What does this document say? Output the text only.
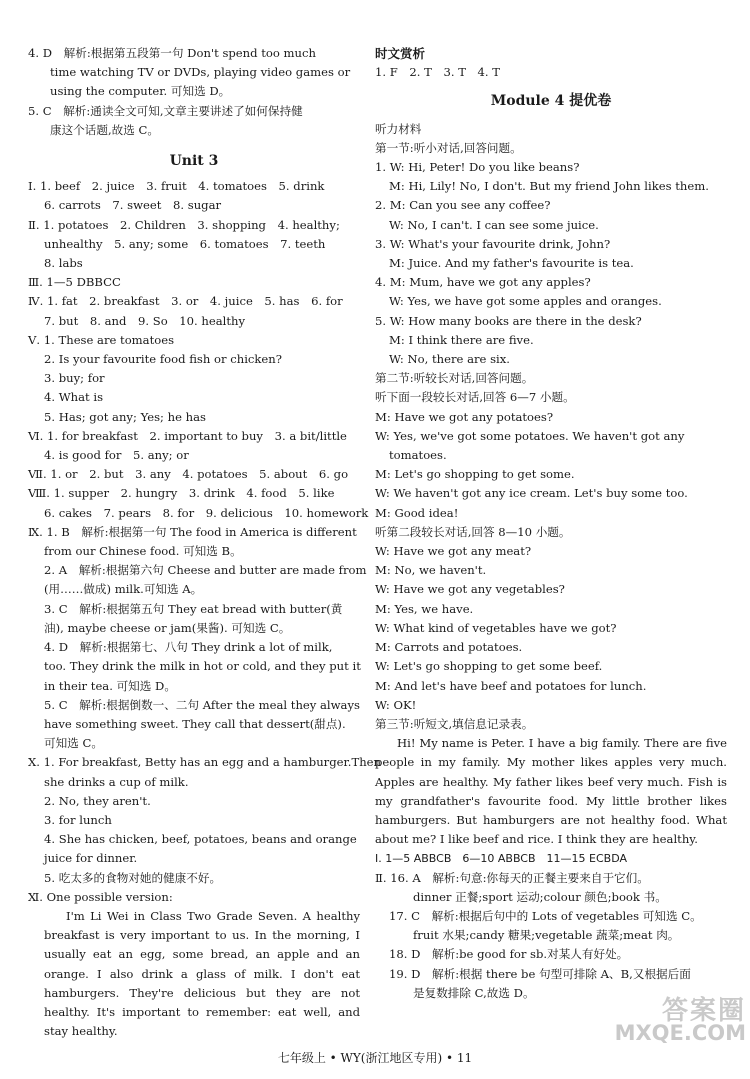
4. D　解析:根据第五段第一句 Don't spend too much
time watching TV or DVDs, playing video games or
using the computer. 可知选 D。
5. C　解析:通读全文可知,文章主要讲述了如何保持健
康这个话题,故选 C。
Unit 3
Ⅰ. 1. beef　2. juice　3. fruit　4. tomatoes　5. drink
6. carrots　7. sweet　8. sugar
Ⅱ. 1. potatoes　2. Children　3. shopping　4. healthy;
unhealthy　5. any; some　6. tomatoes　7. teeth
8. labs
Ⅲ. 1—5 DBBCC
Ⅳ. 1. fat　2. breakfast　3. or　4. juice　5. has　6. for
7. but　8. and　9. So　10. healthy
Ⅴ. 1. These are tomatoes
2. Is your favourite food fish or chicken?
3. buy; for
4. What is
5. Has; got any; Yes; he has
Ⅵ. 1. for breakfast　2. important to buy　3. a bit/little
4. is good for　5. any; or
Ⅶ. 1. or　2. but　3. any　4. potatoes　5. about　6. go
Ⅷ. 1. supper　2. hungry　3. drink　4. food　5. like
6. cakes　7. pears　8. for　9. delicious　10. homework
Ⅸ. 1. B　解析:根据第一句 The food in America is different
from our Chinese food. 可知选 B。
2. A　解析:根据第六句 Cheese and butter are made from
(用……做成) milk.可知选 A。
3. C　解析:根据第五句 They eat bread with butter(黄
油), maybe cheese or jam(果酱). 可知选 C。
4. D　解析:根据第七、八句 They drink a lot of milk,
too. They drink the milk in hot or cold, and they put it
in their tea. 可知选 D。
5. C　解析:根据倒数一、二句 After the meal they always
have something sweet. They call that dessert(甜点).
可知选 C。
Ⅹ. 1. For breakfast, Betty has an egg and a hamburger.Then
she drinks a cup of milk.
2. No, they aren't.
3. for lunch
4. She has chicken, beef, potatoes, beans and orange
juice for dinner.
5. 吃太多的食物对她的健康不好。
Ⅺ. One possible version:
I'm Li Wei in Class Two Grade Seven. A healthy breakfast is very important to us. In the morning, I usually eat an egg, some bread, an apple and an orange. I also drink a glass of milk. I don't eat hamburgers. They're delicious but they are not healthy. It's important to remember: eat well, and stay healthy.
时文赏析
1. F　2. T　3. T　4. T
Module 4 提优卷
听力材料
第一节:听小对话,回答问题。
1. W: Hi, Peter! Do you like beans?
M: Hi, Lily! No, I don't. But my friend John likes them.
2. M: Can you see any coffee?
W: No, I can't. I can see some juice.
3. W: What's your favourite drink, John?
M: Juice. And my father's favourite is tea.
4. M: Mum, have we got any apples?
W: Yes, we have got some apples and oranges.
5. W: How many books are there in the desk?
M: I think there are five.
W: No, there are six.
第二节:听较长对话,回答问题。
听下面一段较长对话,回答 6—7 小题。
M: Have we got any potatoes?
W: Yes, we've got some potatoes. We haven't got any
tomatoes.
M: Let's go shopping to get some.
W: We haven't got any ice cream. Let's buy some too.
M: Good idea!
听第二段较长对话,回答 8—10 小题。
W: Have we got any meat?
M: No, we haven't.
W: Have we got any vegetables?
M: Yes, we have.
W: What kind of vegetables have we got?
M: Carrots and potatoes.
W: Let's go shopping to get some beef.
M: And let's have beef and potatoes for lunch.
W: OK!
第三节:听短文,填信息记录表。
Hi! My name is Peter. I have a big family. There are five people in my family. My mother likes apples very much. Apples are healthy. My father likes beef very much. Fish is my grandfather's favourite food. My little brother likes hamburgers. But hamburgers are not healthy food. What about me? I like beef and rice. I think they are healthy.
Ⅰ. 1—5 ABBCB　6—10 ABBCB　11—15 ECBDA
Ⅱ. 16. A　解析:句意:你每天的正餐主要来自于它们。
dinner 正餐;sport 运动;colour 颜色;book 书。
17. C　解析:根据后句中的 Lots of vegetables 可知选 C。
fruit 水果;candy 糖果;vegetable 蔬菜;meat 肉。
18. D　解析:be good for sb.对某人有好处。
19. D　解析:根据 there be 句型可排除 A、B,又根据后面
是复数排除 C,故选 D。
七年级上 • WY(浙江地区专用) • 11
答案圈
MXQE.COM
